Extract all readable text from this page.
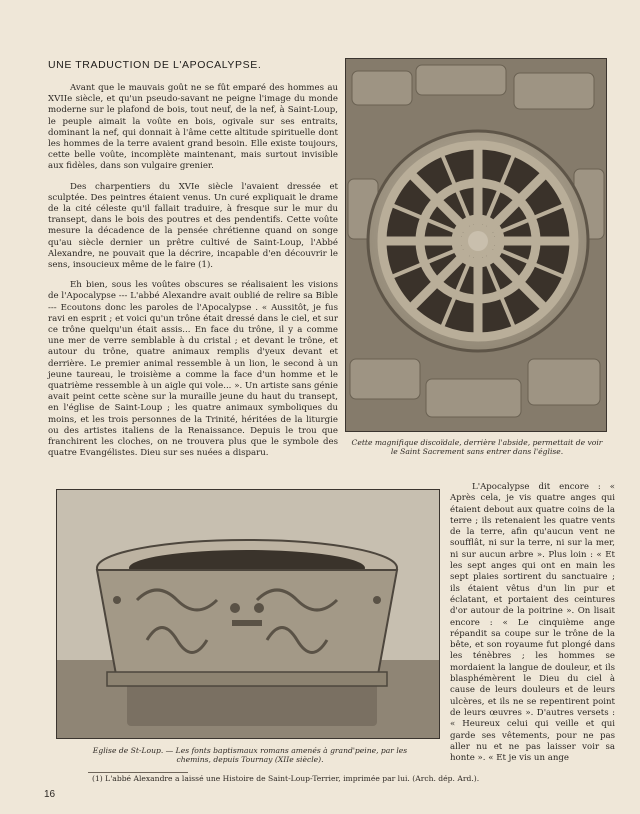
UNE TRADUCTION DE L'APOCALYPSE.

Avant que le mauvais goût ne se fût emparé des hommes au XVIIe siècle, et qu'un pseudo-savant ne peigne l'image du monde moderne sur le plafond de bois, tout neuf, de la nef, à Saint-Loup, le peuple aimait la voûte en bois, ogivale sur ses entraits, dominant la nef, qui donnait à l'âme cette altitude spirituelle dont les hommes de la terre avaient grand besoin. Elle existe toujours, cette belle voûte, incomplète maintenant, mais surtout invisible aux fidèles, dans son vulgaire grenier.

Des charpentiers du XVIe siècle l'avaient dressée et sculptée. Des peintres étaient venus. Un curé expliquait le drame de la cité céleste qu'il fallait traduire, à fresque sur le mur du transept, dans le bois des poutres et des pendentifs. Cette voûte mesure la décadence de la pensée chrétienne quand on songe qu'au siècle dernier un prêtre cultivé de Saint-Loup, l'Abbé Alexandre, ne pouvait que la décrire, incapable d'en découvrir le sens, insoucieux même de le faire (1).

Eh bien, sous les voûtes obscures se réalisaient les visions de l'Apocalypse --- L'abbé Alexandre avait oublié de relire sa Bible --- Ecoutons donc les paroles de l'Apocalypse . « Aussitôt, je fus ravi en esprit ; et voici qu'un trône était dressé dans le ciel, et sur ce trône quelqu'un était assis... En face du trône, il y a comme une mer de verre semblable à du cristal ; et devant le trône, et autour du trône, quatre animaux remplis d'yeux devant et derrière. Le premier animal ressemble à un lion, le second à un jeune taureau, le troisième a comme la face d'un homme et le quatrième ressemble à un aigle qui vole... ». Un artiste sans génie avait peint cette scène sur la muraille jeune du haut du transept, en l'église de Saint-Loup ; les quatre animaux symboliques du moins, et les trois personnes de la Trinité, héritées de la liturgie ou des artistes italiens de la Renaissance. Depuis le trou que franchirent les cloches, on ne trouvera plus que le symbole des quatre Evangélistes. Dieu sur ses nuées a disparu.

Cette magnifique discoïdale, derrière l'abside, permettait de voir le Saint Sacrement sans entrer dans l'église.
Eglise de St-Loup. — Les fonts baptismaux romans amenés à grand'peine, par les chemins, depuis Tournay (XIIe siècle).

L'Apocalypse dit encore : « Après cela, je vis quatre anges qui étaient debout aux quatre coins de la terre ; ils retenaient les quatre vents de la terre, afin qu'aucun vent ne soufflât, ni sur la terre, ni sur la mer, ni sur aucun arbre ». Plus loin : « Et les sept anges qui ont en main les sept plaies sortirent du sanctuaire ; ils étaient vêtus d'un lin pur et éclatant, et portaient des ceintures d'or autour de la poitrine ». On lisait encore : « Le cinquième ange répandit sa coupe sur le trône de la bête, et son royaume fut plongé dans les ténèbres ; les hommes se mordaient la langue de douleur, et ils blasphémèrent le Dieu du ciel à cause de leurs douleurs et de leurs ulcères, et ils ne se repentirent point de leurs œuvres ». D'autres versets : « Heureux celui qui veille et qui garde ses vêtements, pour ne pas aller nu et ne pas laisser voir sa honte ». « Et je vis un ange

(1) L'abbé Alexandre a laissé une Histoire de Saint-Loup-Terrier, imprimée par lui. (Arch. dép. Ard.).
16
